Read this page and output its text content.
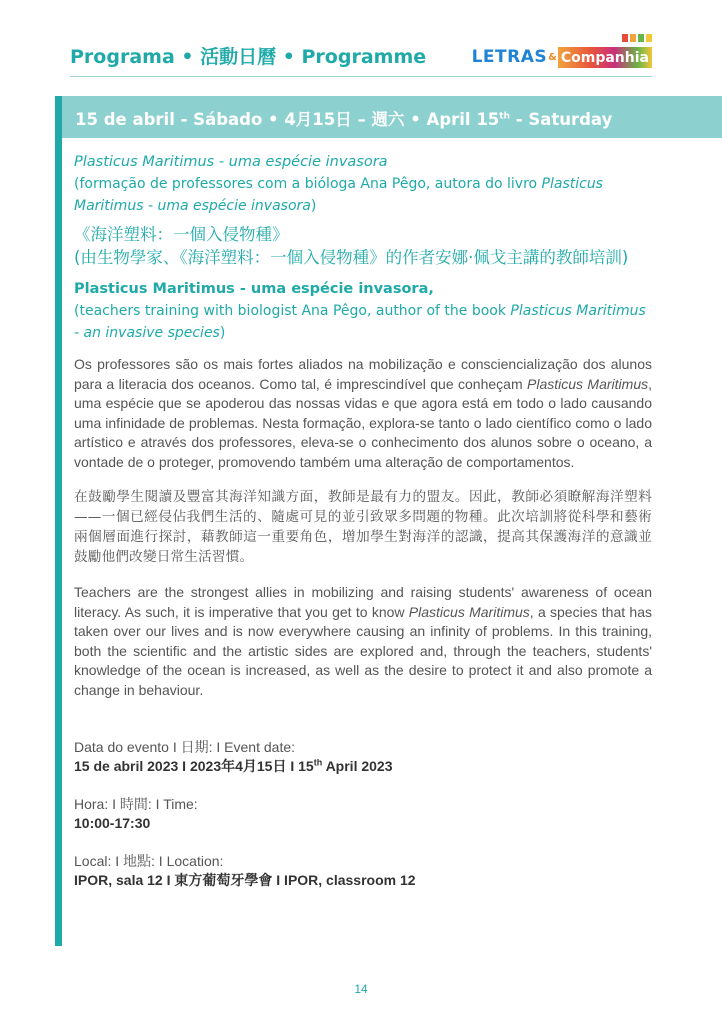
Programa • 活動日曆 • Programme	LETRAS & Companhia
15 de abril - Sábado • 4月15日 – 週六 • April 15th - Saturday
Plasticus Maritimus - uma espécie invasora
(formação de professores com a bióloga Ana Pêgo, autora do livro Plasticus Maritimus - uma espécie invasora)
《海洋塑料：一個入侵物種》
(由生物學家、《海洋塑料：一個入侵物種》的作者安娜·佩戈主講的教師培訓)
Plasticus Maritimus - uma espécie invasora,
(teachers training with biologist Ana Pêgo, author of the book Plasticus Maritimus - an invasive species)
Os professores são os mais fortes aliados na mobilização e consciencialização dos alunos para a literacia dos oceanos. Como tal, é imprescindível que conheçam Plasticus Maritimus, uma espécie que se apoderou das nossas vidas e que agora está em todo o lado causando uma infinidade de problemas. Nesta formação, explora-se tanto o lado científico como o lado artístico e através dos professores, eleva-se o conhecimento dos alunos sobre o oceano, a vontade de o proteger, promovendo também uma alteração de comportamentos.
在鼓勵學生閱讀及豐富其海洋知識方面，教師是最有力的盟友。因此，教師必須瞭解海洋塑料——一個已經侵佔我們生活的、隨處可見的並引致眾多問題的物種。此次培訓將從科學和藝術兩個層面進行探討，藉教師這一重要角色，增加學生對海洋的認識，提高其保護海洋的意識並鼓勵他們改變日常生活習慣。
Teachers are the strongest allies in mobilizing and raising students' awareness of ocean literacy. As such, it is imperative that you get to know Plasticus Maritimus, a species that has taken over our lives and is now everywhere causing an infinity of problems. In this training, both the scientific and the artistic sides are explored and, through the teachers, students' knowledge of the ocean is increased, as well as the desire to protect it and also promote a change in behaviour.
Data do evento I 日期: I Event date:
15 de abril 2023 I 2023年4月15日 I 15th April 2023
Hora: I 時間: I Time:
10:00-17:30
Local: I 地點: I Location:
IPOR, sala 12 I 東方葡萄牙學會 I IPOR, classroom 12
14
